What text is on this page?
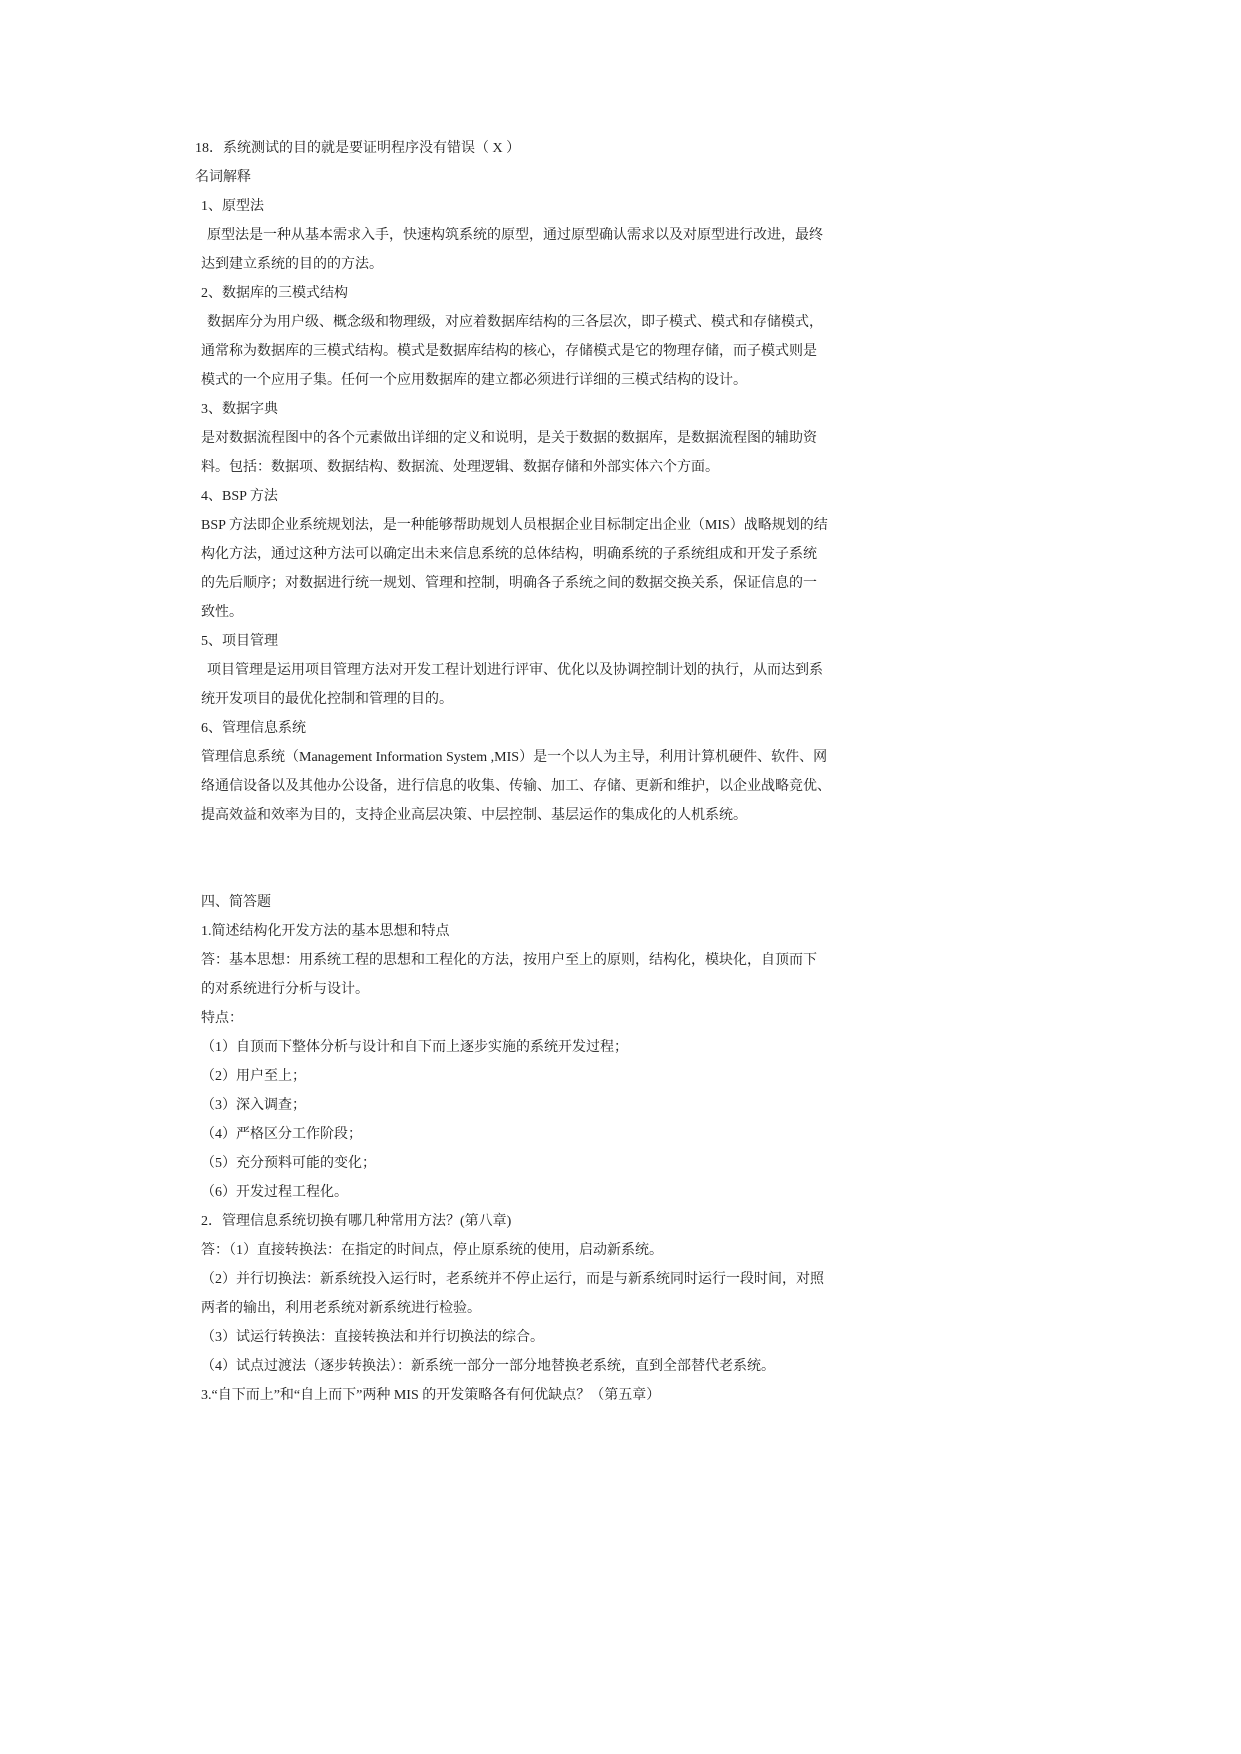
18．系统测试的目的就是要证明程序没有错误（ X ）
名词解释
1、原型法
原型法是一种从基本需求入手，快速构筑系统的原型，通过原型确认需求以及对原型进行改进，最终
达到建立系统的目的的方法。
2、数据库的三模式结构
数据库分为用户级、概念级和物理级，对应着数据库结构的三各层次，即子模式、模式和存储模式，
通常称为数据库的三模式结构。模式是数据库结构的核心，存储模式是它的物理存储，而子模式则是
模式的一个应用子集。任何一个应用数据库的建立都必须进行详细的三模式结构的设计。
3、数据字典
是对数据流程图中的各个元素做出详细的定义和说明，是关于数据的数据库，是数据流程图的辅助资
料。包括：数据项、数据结构、数据流、处理逻辑、数据存储和外部实体六个方面。
4、BSP 方法
BSP 方法即企业系统规划法，是一种能够帮助规划人员根据企业目标制定出企业（MIS）战略规划的结
构化方法，通过这种方法可以确定出未来信息系统的总体结构，明确系统的子系统组成和开发子系统
的先后顺序；对数据进行统一规划、管理和控制，明确各子系统之间的数据交换关系，保证信息的一
致性。
5、项目管理
项目管理是运用项目管理方法对开发工程计划进行评审、优化以及协调控制计划的执行，从而达到系
统开发项目的最优化控制和管理的目的。
6、管理信息系统
管理信息系统（Management Information System ,MIS）是一个以人为主导，利用计算机硬件、软件、网
络通信设备以及其他办公设备，进行信息的收集、传输、加工、存储、更新和维护，以企业战略竞优、
提高效益和效率为目的，支持企业高层决策、中层控制、基层运作的集成化的人机系统。
四、简答题
1.简述结构化开发方法的基本思想和特点
答：基本思想：用系统工程的思想和工程化的方法，按用户至上的原则，结构化，模块化，自顶而下
的对系统进行分析与设计。
特点：
（1）自顶而下整体分析与设计和自下而上逐步实施的系统开发过程；
（2）用户至上；
（3）深入调查；
（4）严格区分工作阶段；
（5）充分预料可能的变化；
（6）开发过程工程化。
2．管理信息系统切换有哪几种常用方法？(第八章)
答：（1）直接转换法：在指定的时间点，停止原系统的使用，启动新系统。
（2）并行切换法：新系统投入运行时，老系统并不停止运行，而是与新系统同时运行一段时间，对照
两者的输出，利用老系统对新系统进行检验。
（3）试运行转换法：直接转换法和并行切换法的综合。
（4）试点过渡法（逐步转换法）：新系统一部分一部分地替换老系统，直到全部替代老系统。
3.“自下而上”和“自上而下”两种 MIS 的开发策略各有何优缺点？（第五章）
